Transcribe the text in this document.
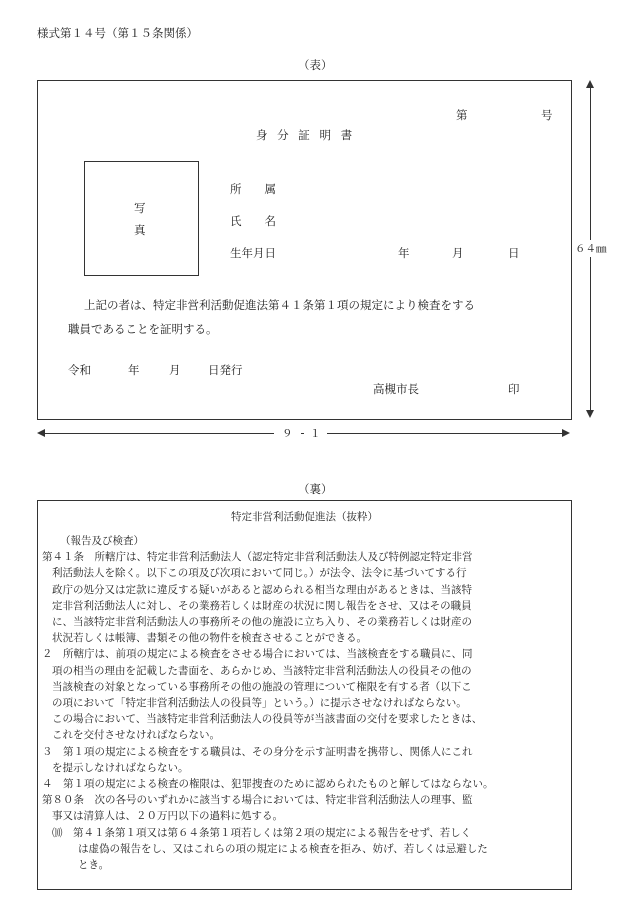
様式第１４号（第１５条関係）
（表）
第	号
身 分 証 明 書
写
真
所　　属
氏　　名
生年月日	年	月	日
上記の者は、特定非営利活動促進法第４１条第１項の規定により検査をする
職員であることを証明する。
令和	年	月 日発行
高槻市長	印
６４㎜
９	１
（裏）
特定非営利活動促進法（抜粋）

（報告及び検査）

第４１条　所轄庁は、特定非営利活動法人（認定特定非営利活動法人及び特例認定特定非営

利活動法人を除く。以下この項及び次項において同じ。）が法令、法令に基づいてする行

政庁の処分又は定款に違反する疑いがあると認められる相当な理由があるときは、当該特

定非営利活動法人に対し、その業務若しくは財産の状況に関し報告をさせ、又はその職員

に、当該特定非営利活動法人の事務所その他の施設に立ち入り、その業務若しくは財産の

状況若しくは帳簿、書類その他の物件を検査させることができる。

２　所轄庁は、前項の規定による検査をさせる場合においては、当該検査をする職員に、同

項の相当の理由を記載した書面を、あらかじめ、当該特定非営利活動法人の役員その他の

当該検査の対象となっている事務所その他の施設の管理について権限を有する者（以下こ

の項において「特定非営利活動法人の役員等」という。）に提示させなければならない。

この場合において、当該特定非営利活動法人の役員等が当該書面の交付を要求したときは、

これを交付させなければならない。

３　第１項の規定による検査をする職員は、その身分を示す証明書を携帯し、関係人にこれ

を提示しなければならない。

４　第１項の規定による検査の権限は、犯罪捜査のために認められたものと解してはならない。

第８０条　次の各号のいずれかに該当する場合においては、特定非営利活動法人の理事、監

事又は清算人は、２０万円以下の過料に処する。

⑽　第４１条第１項又は第６４条第１項若しくは第２項の規定による報告をせず、若しく

は虚偽の報告をし、又はこれらの項の規定による検査を拒み、妨げ、若しくは忌避した

とき。
